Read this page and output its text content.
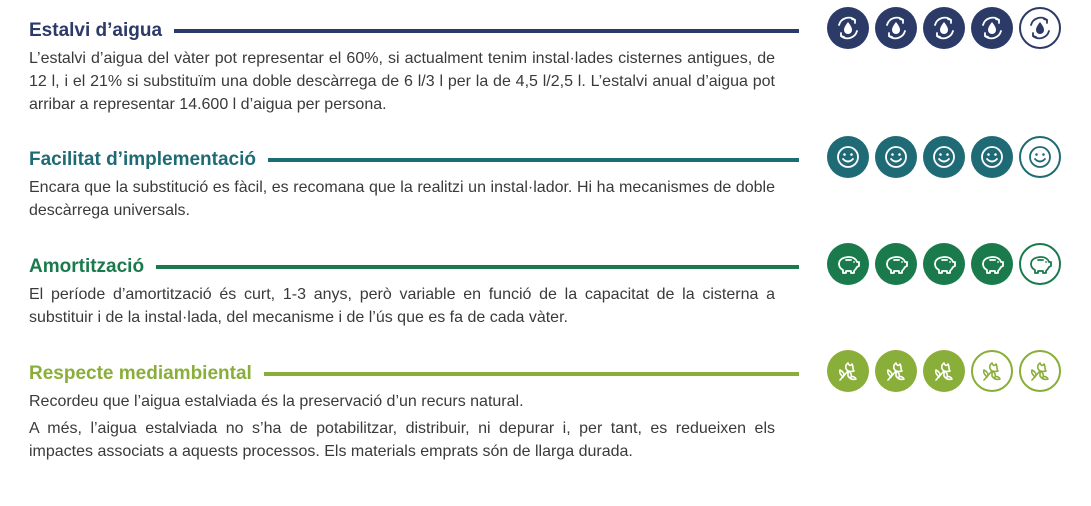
Estalvi d’aigua

L’estalvi d’aigua del vàter pot representar el 60%, si actualment tenim instal·lades cisternes antigues, de 12 l, i el 21% si substituïm una doble descàrrega de 6 l/3 l per la de 4,5 l/2,5 l. L’estalvi anual d’aigua pot arribar a representar 14.600 l d’aigua per persona.

Facilitat d’implementació

Encara que la substitució es fàcil, es recomana que la realitzi un instal·lador. Hi ha mecanismes de doble descàrrega universals.

Amortització

El període d’amortització és curt, 1-3 anys, però variable en funció de la capacitat de la cisterna a substituir i de la instal·lada, del mecanisme i de l’ús que es fa de cada vàter.

Respecte mediambiental

Recordeu que l’aigua estalviada és la preservació d’un recurs natural.

A més, l’aigua estalviada no s’ha de potabilitzar, distribuir, ni depurar i, per tant, es redueixen els impactes associats a aquests processos. Els materials emprats són de llarga durada.
